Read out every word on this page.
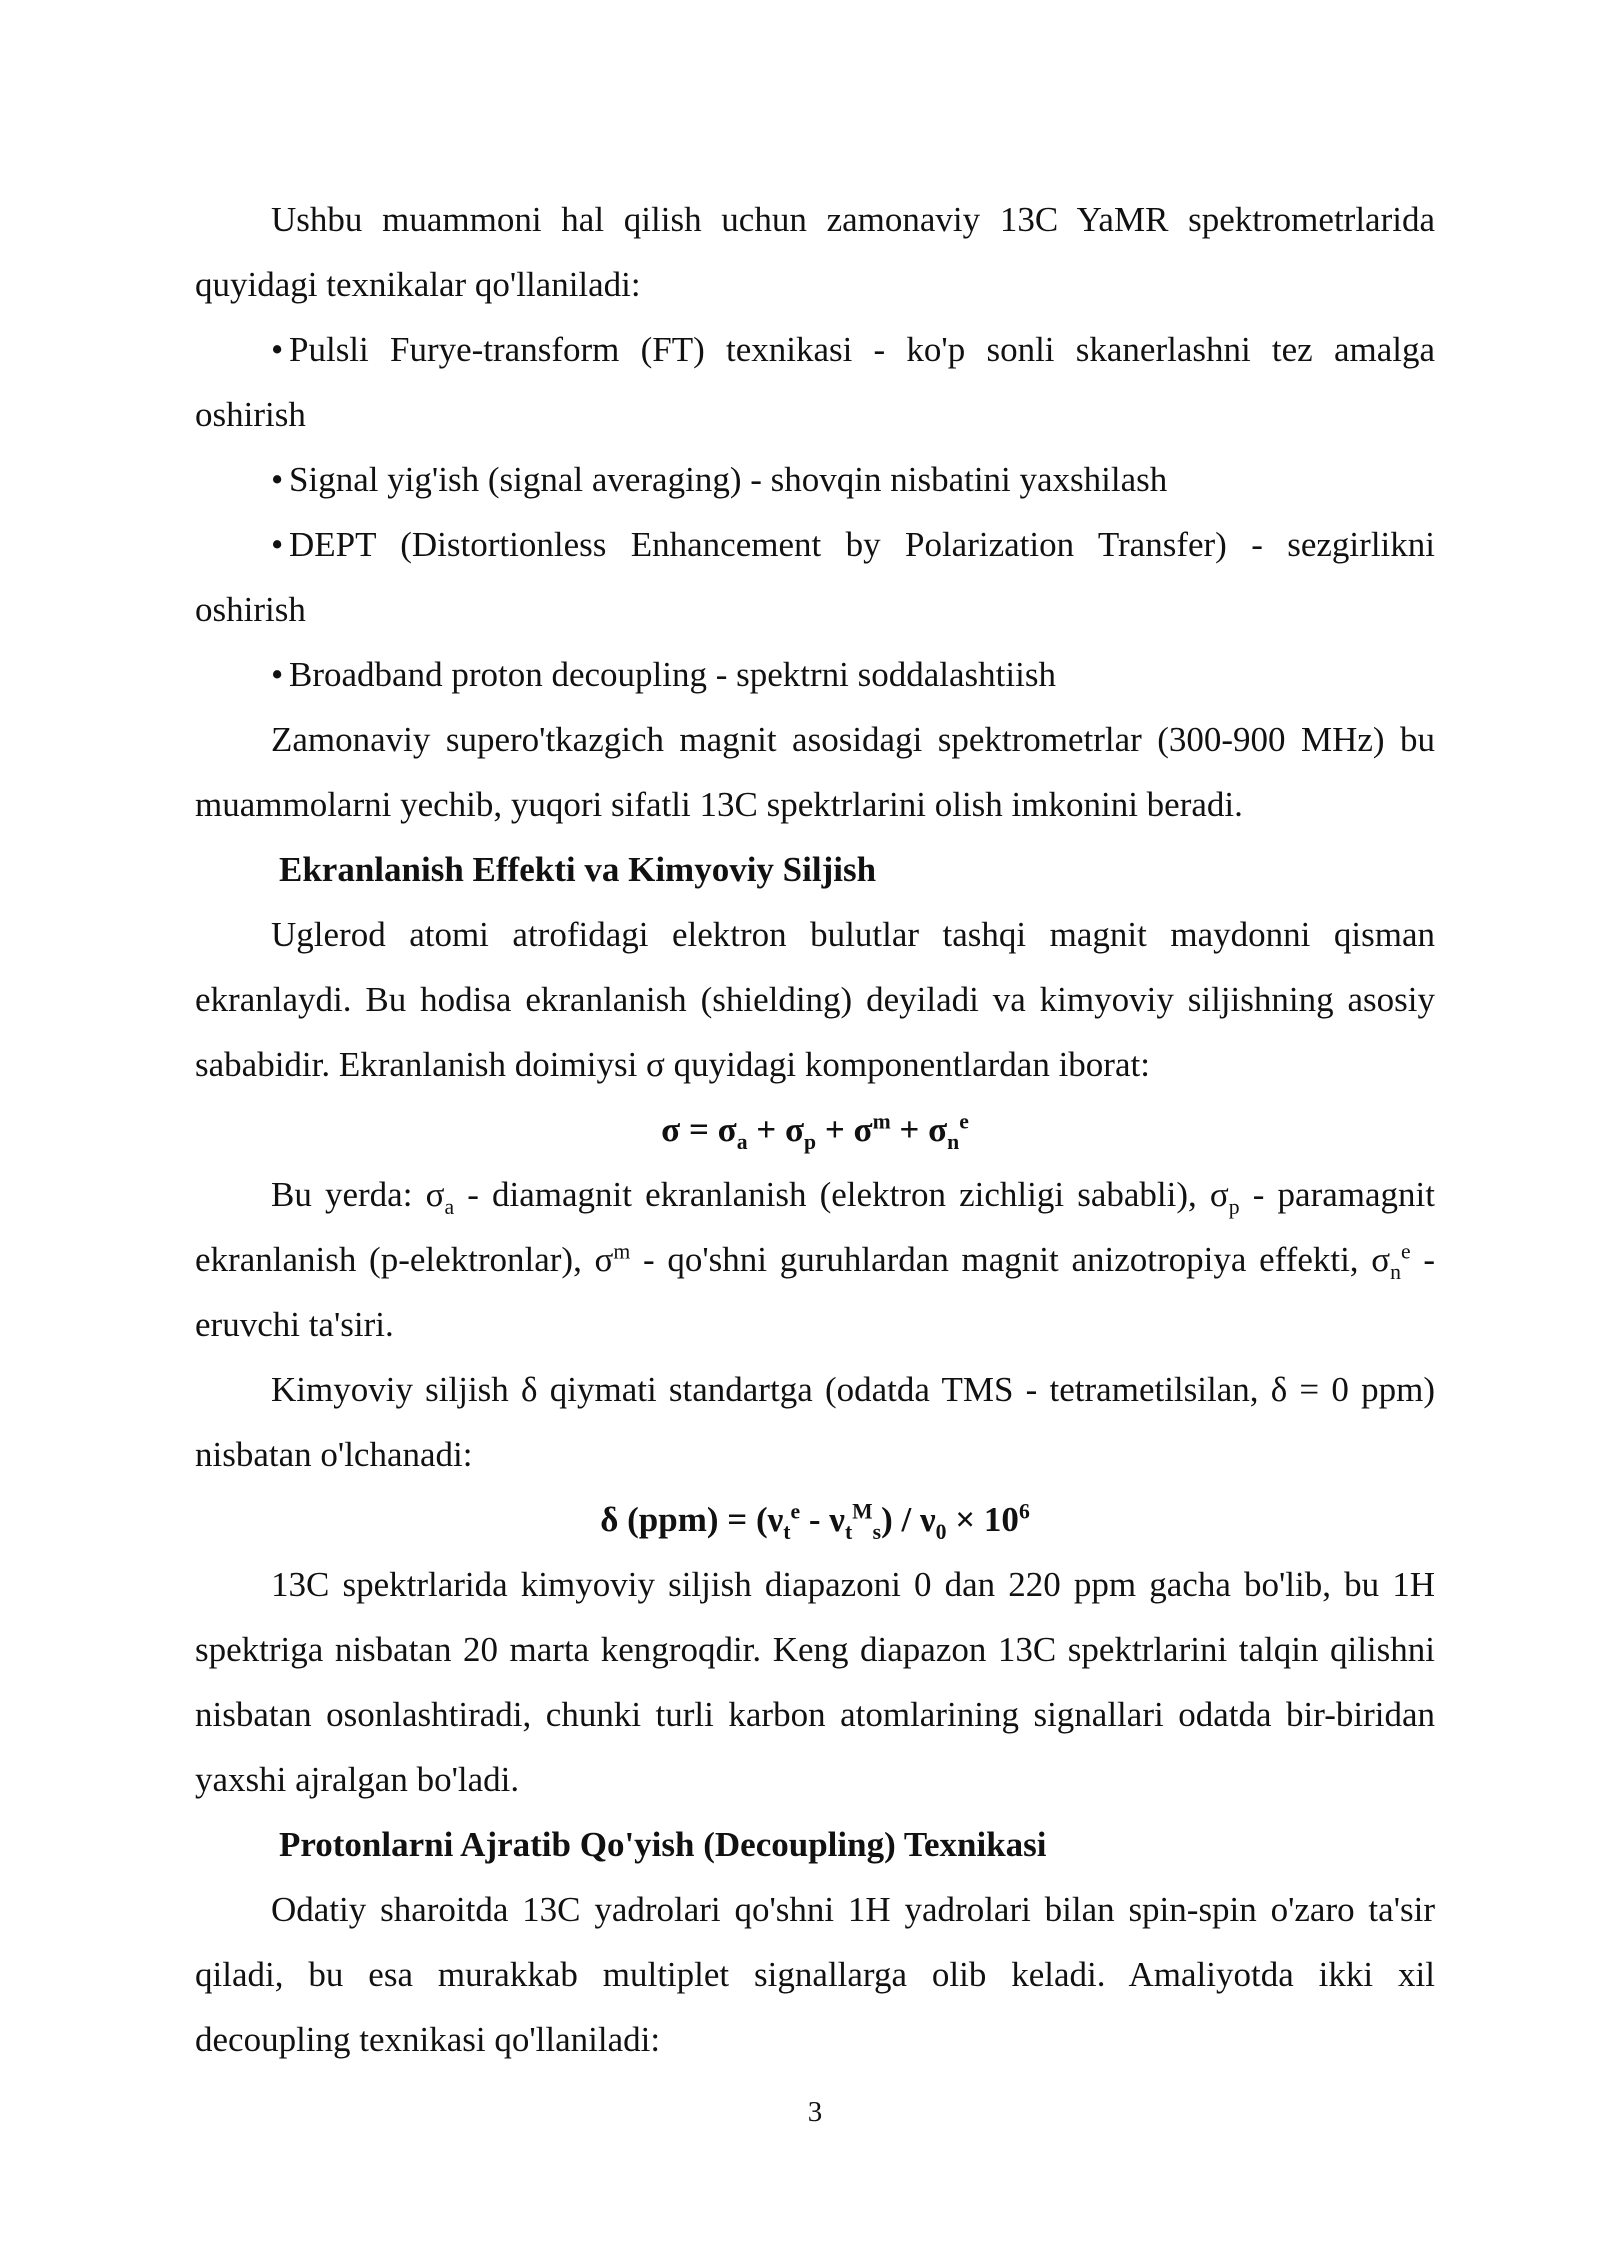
Ushbu muammoni hal qilish uchun zamonaviy 13C YaMR spektrometrlarida quyidagi texnikalar qo'llaniladi:

• Pulsli Furye-transform (FT) texnikasi - ko'p sonli skanerlashni tez amalga oshirish

• Signal yig'ish (signal averaging) - shovqin nisbatini yaxshilash

• DEPT (Distortionless Enhancement by Polarization Transfer) - sezgirlikni oshirish

• Broadband proton decoupling - spektrni soddalashtiish

Zamonaviy supero'tkazgich magnit asosidagi spektrometrlar (300-900 MHz) bu muammolarni yechib, yuqori sifatli 13C spektrlarini olish imkonini beradi.

Ekranlanish Effekti va Kimyoviy Siljish

Uglerod atomi atrofidagi elektron bulutlar tashqi magnit maydonni qisman ekranlaydi. Bu hodisa ekranlanish (shielding) deyiladi va kimyoviy siljishning asosiy sababidir. Ekranlanish doimiysi σ quyidagi komponentlardan iborat:

$\sigma = \sigma_a + \sigma_p + \sigma^m + \sigma_n^e$

Bu yerda: $\sigma_a$ - diamagnit ekranlanish (elektron zichligi sababli), $\sigma_p$ - paramagnit ekranlanish (p-elektronlar), $\sigma^m$ - qo'shni guruhlardan magnit anizotropiya effekti, $\sigma_n^e$ - eruvchi ta'siri.

Kimyoviy siljish δ qiymati standartga (odatda TMS - tetrametilsilan, δ = 0 ppm) nisbatan o'lchanadi:

δ $(ppm) = (\nu_t^e - \nu_t^M_s) / \nu_0 \times 10^6$

13C spektrlarida kimyoviy siljish diapazoni 0 dan 220 ppm gacha bo'lib, bu 1H spektriga nisbatan 20 marta kengroqdir. Keng diapazon 13C spektrlarini talqin qilishni nisbatan osonlashtiradi, chunki turli karbon atomlarining signallari odatda bir-biridan yaxshi ajralgan bo'ladi.

Protonlarni Ajratib Qo'yish (Decoupling) Texnikasi

Odatiy sharoitda 13C yadrolari qo'shni 1H yadrolari bilan spin-spin o'zaro ta'sir qiladi, bu esa murakkab multiplet signallarga olib keladi. Amaliyotda ikki xil decoupling texnikasi qo'llaniladi:

3
